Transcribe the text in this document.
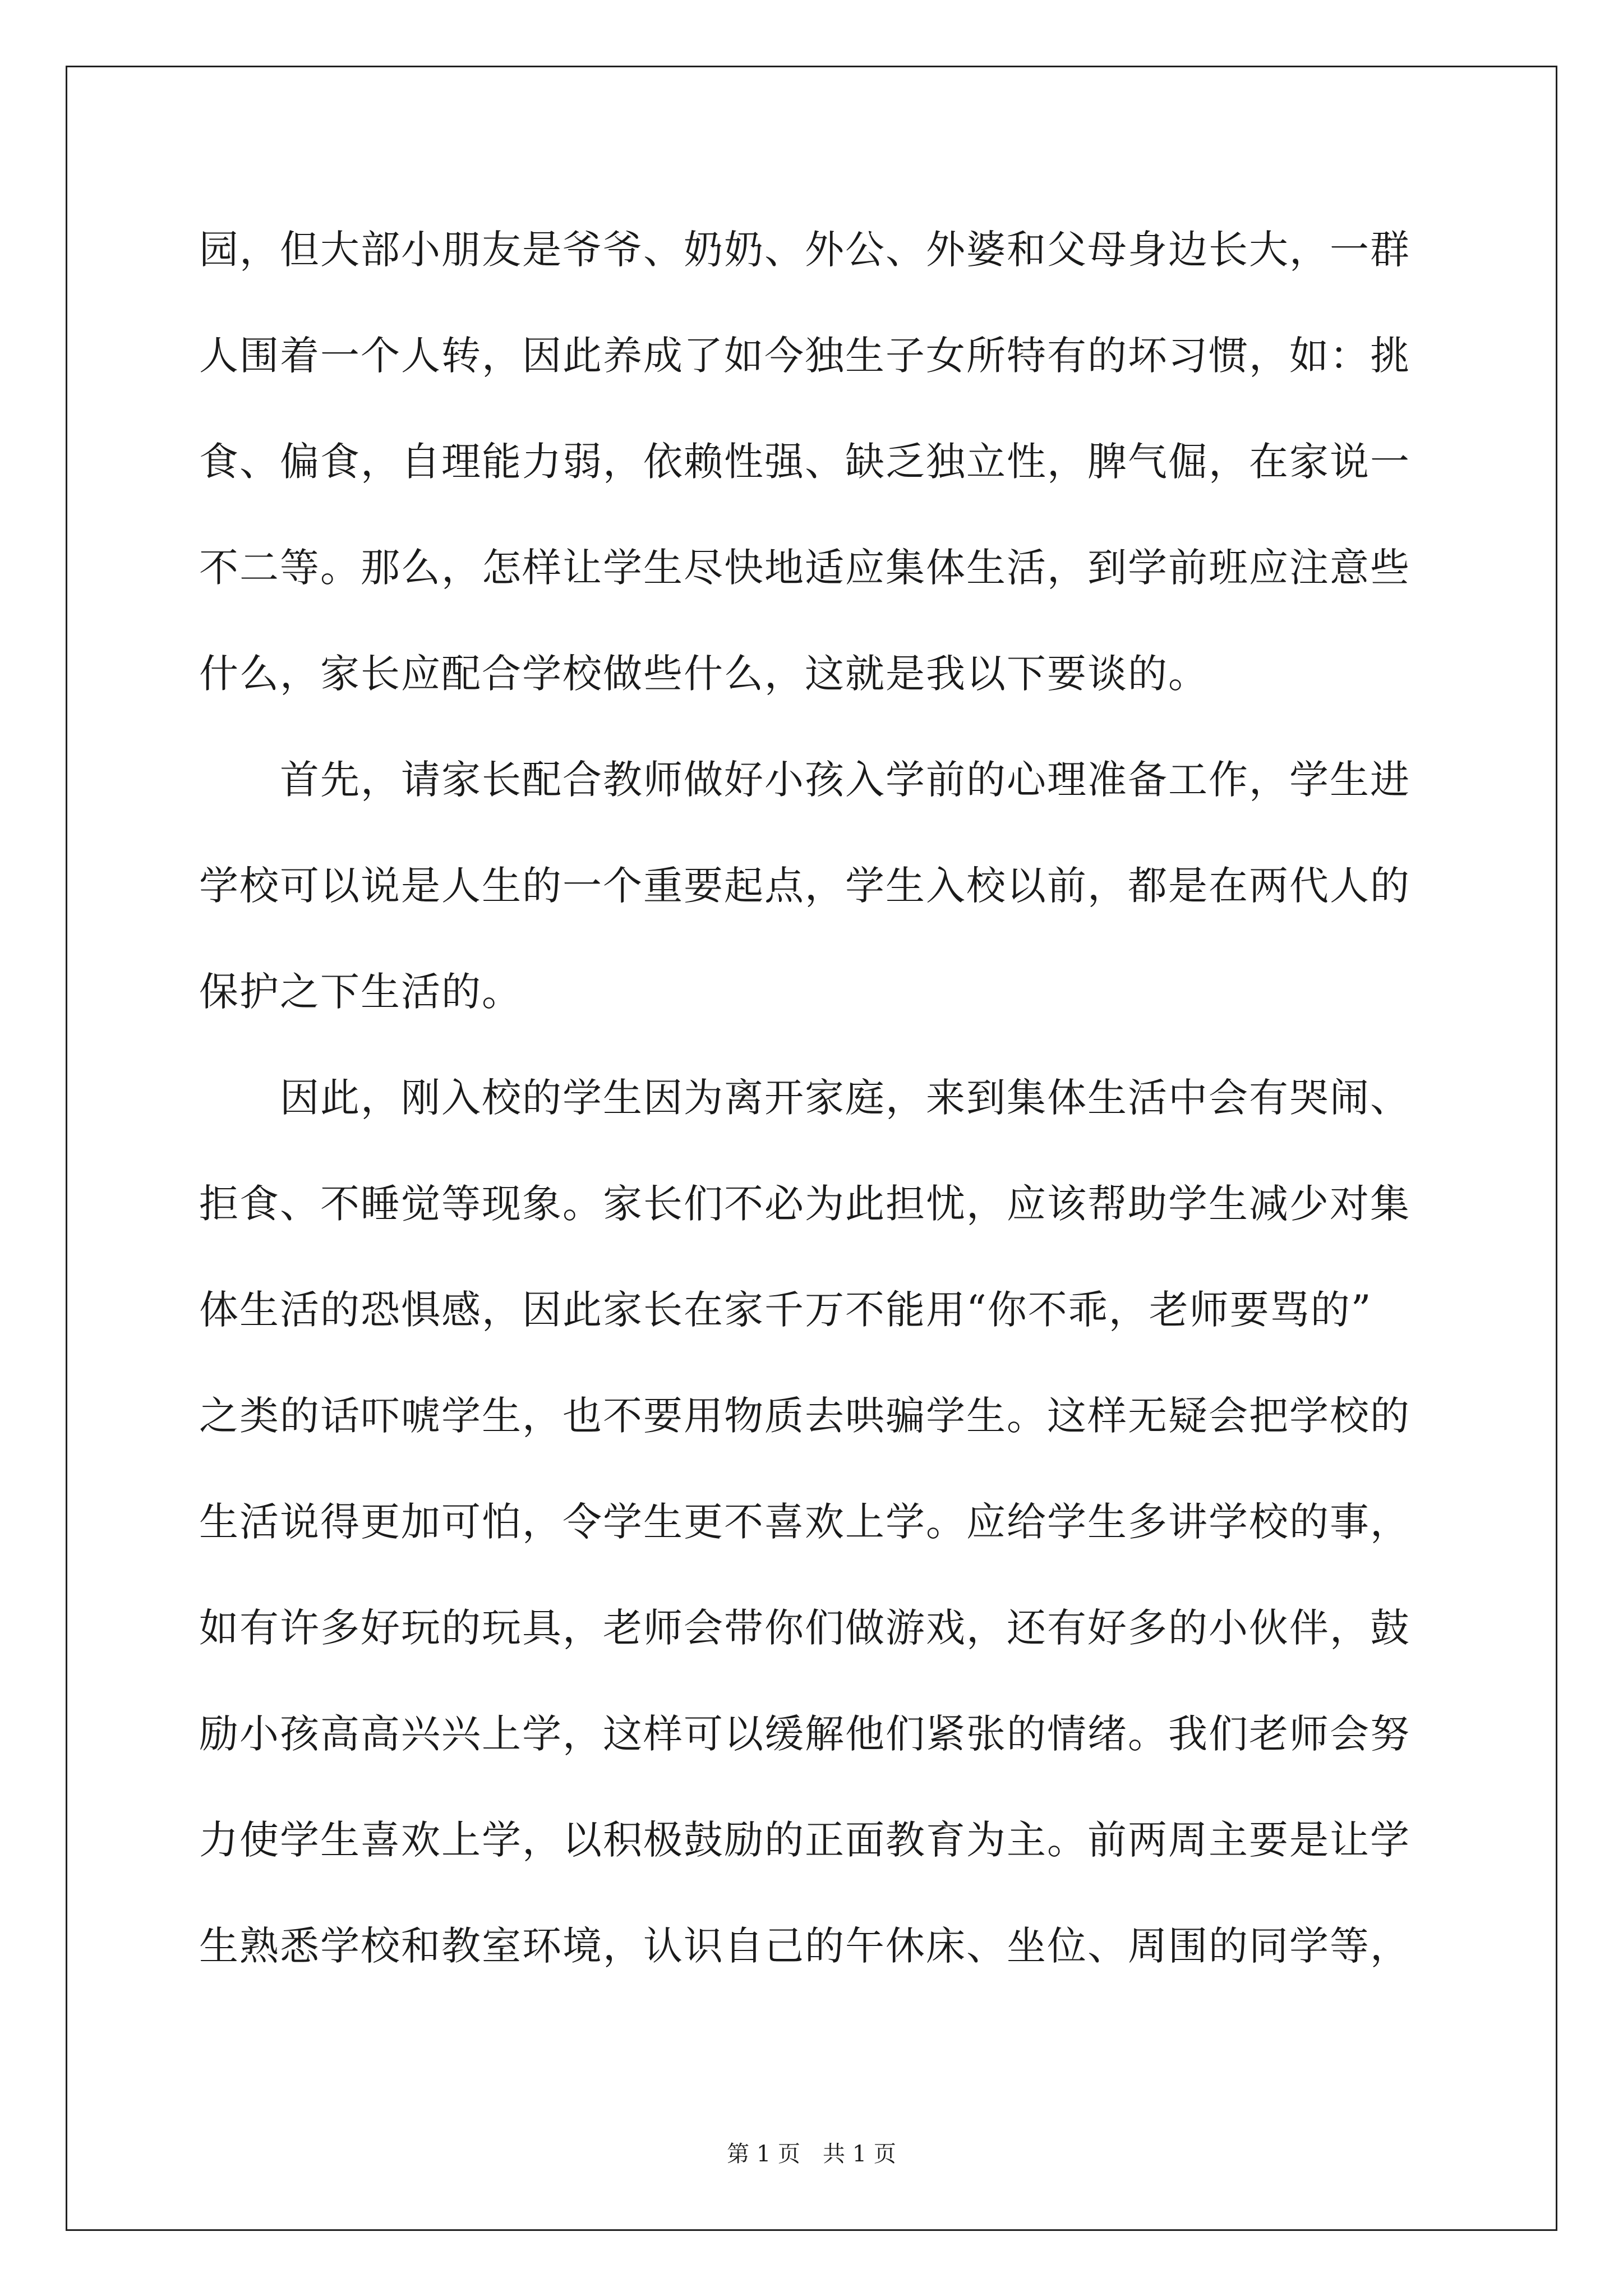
园，但大部小朋友是爷爷、奶奶、外公、外婆和父母身边长大，一群
人围着一个人转，因此养成了如今独生子女所特有的坏习惯，如：挑
食、偏食，自理能力弱，依赖性强、缺乏独立性，脾气倔，在家说一
不二等。那么，怎样让学生尽快地适应集体生活，到学前班应注意些
什么，家长应配合学校做些什么，这就是我以下要谈的。
　　首先，请家长配合教师做好小孩入学前的心理准备工作，学生进
学校可以说是人生的一个重要起点，学生入校以前，都是在两代人的
保护之下生活的。
　　因此，刚入校的学生因为离开家庭，来到集体生活中会有哭闹、
拒食、不睡觉等现象。家长们不必为此担忧，应该帮助学生减少对集
体生活的恐惧感，因此家长在家千万不能用“你不乖，老师要骂的”
之类的话吓唬学生，也不要用物质去哄骗学生。这样无疑会把学校的
生活说得更加可怕，令学生更不喜欢上学。应给学生多讲学校的事，
如有许多好玩的玩具，老师会带你们做游戏，还有好多的小伙伴，鼓
励小孩高高兴兴上学，这样可以缓解他们紧张的情绪。我们老师会努
力使学生喜欢上学，以积极鼓励的正面教育为主。前两周主要是让学
生熟悉学校和教室环境，认识自己的午休床、坐位、周围的同学等，
第 1 页 共 1 页
